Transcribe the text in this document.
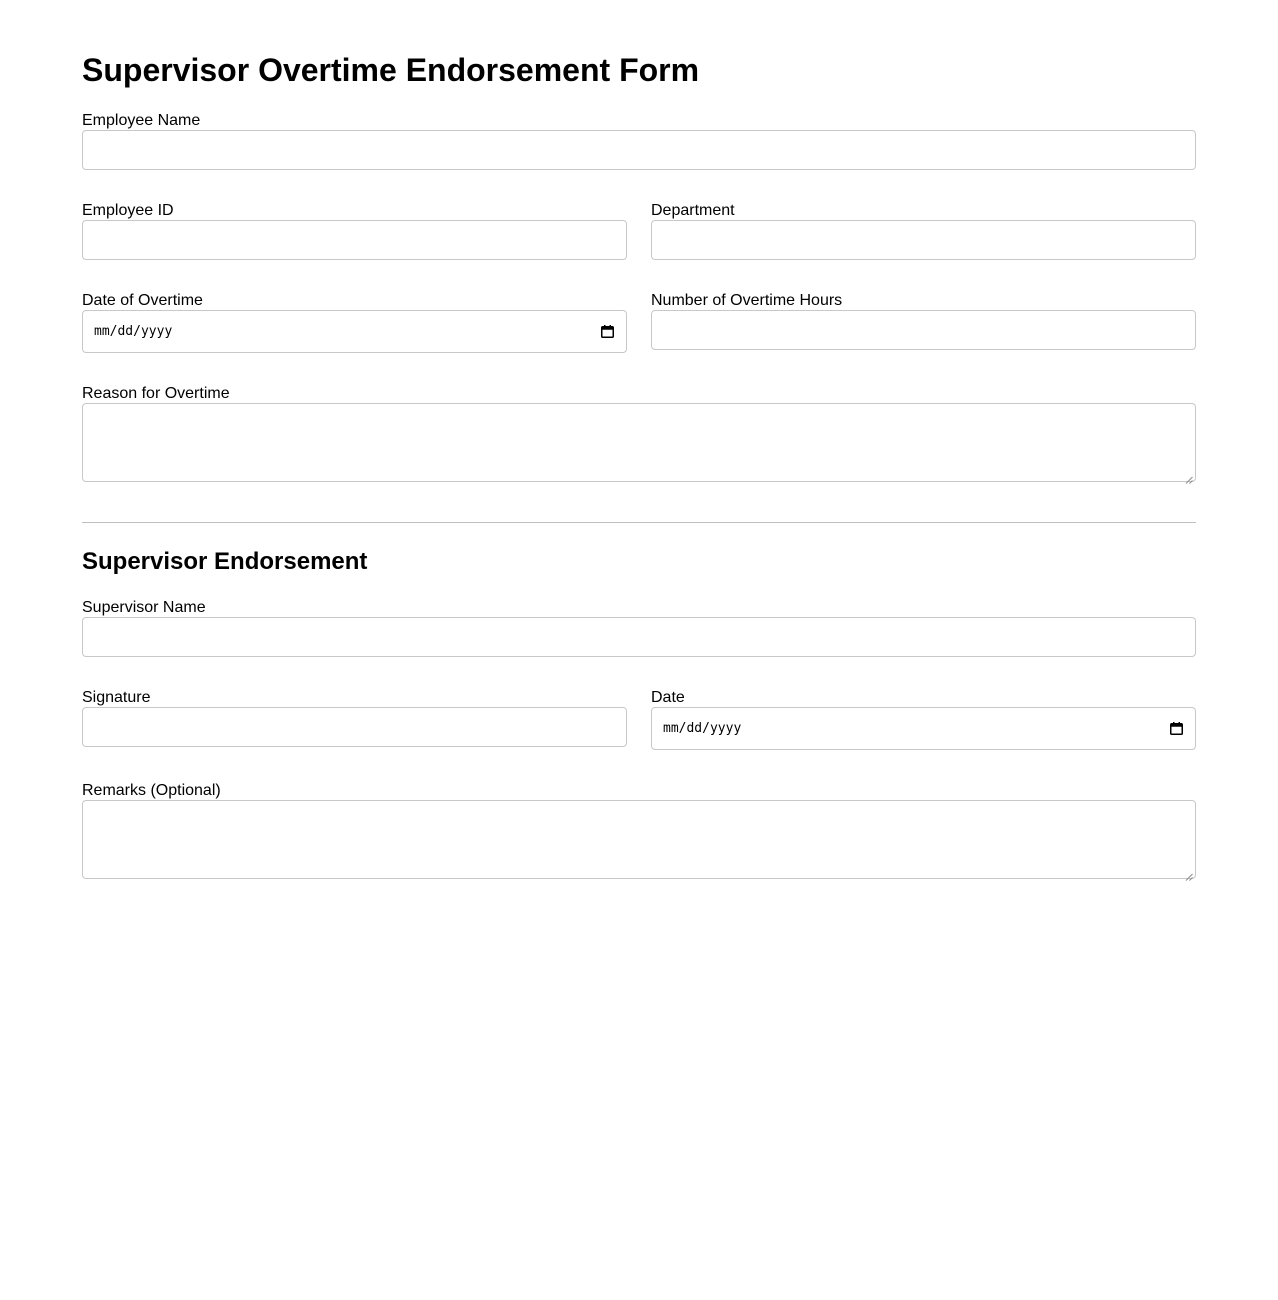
Supervisor Overtime Endorsement Form
Employee Name
Employee ID	Department
Date of Overtime
mm/dd/yyyy
Number of Overtime Hours
Reason for Overtime
Supervisor Endorsement
Supervisor Name
Signature	Date
mm/dd/yyyy
Remarks (Optional)
